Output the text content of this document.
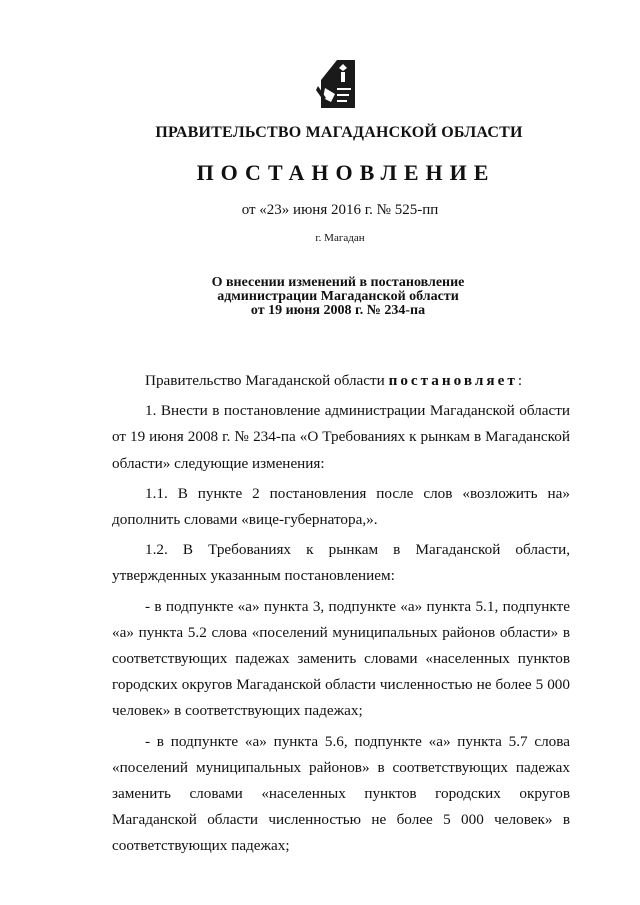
ПРАВИТЕЛЬСТВО МАГАДАНСКОЙ ОБЛАСТИ
ПОСТАНОВЛЕНИЕ
от «23» июня 2016 г. № 525-пп
г. Магадан
О внесении изменений в постановление
администрации Магаданской области
от 19 июня 2008 г. № 234-па

Правительство Магаданской области постановляет:

1. Внести в постановление администрации Магаданской области от 19 июня 2008 г. № 234-па «О Требованиях к рынкам в Магаданской области» следующие изменения:

1.1. В пункте 2 постановления после слов «возложить на» дополнить словами «вице-губернатора,».

1.2. В Требованиях к рынкам в Магаданской области, утвержденных указанным постановлением:

- в подпункте «а» пункта 3, подпункте «а» пункта 5.1, подпункте «а» пункта 5.2 слова «поселений муниципальных районов области» в соответствующих падежах заменить словами «населенных пунктов городских округов Магаданской области численностью не более 5 000 человек» в соответствующих падежах;

- в подпункте «а» пункта 5.6, подпункте «а» пункта 5.7 слова «поселений муниципальных районов» в соответствующих падежах заменить словами «населенных пунктов городских округов Магаданской области численностью не более 5 000 человек» в соответствующих падежах;
